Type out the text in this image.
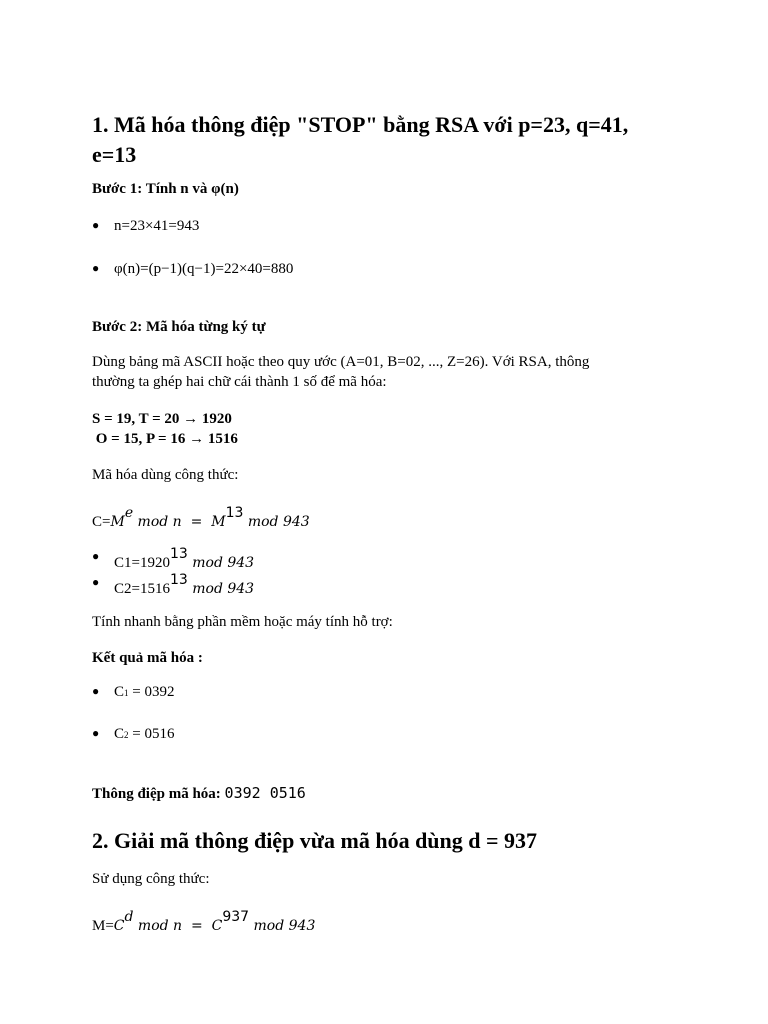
1. Mã hóa thông điệp "STOP" bằng RSA với p=23, q=41,
e=13
Bước 1: Tính n và φ(n)
● n=23×41=943
● φ(n)=(p−1)(q−1)=22×40=880
Bước 2: Mã hóa từng ký tự
Dùng bảng mã ASCII hoặc theo quy ước (A=01, B=02, ..., Z=26). Với RSA, thông
thường ta ghép hai chữ cái thành 1 số để mã hóa:
S = 19, T = 20 → 1920
O = 15, P = 16 → 1516
Mã hóa dùng công thức:
$C=M^e$ mod $n = M^{13}$ mod 943
● $C1=1920^{13}$ mod 943
● $C2=1516^{13}$ mod 943
Tính nhanh bằng phần mềm hoặc máy tính hỗ trợ:
Kết quả mã hóa :
● C1 = 0392
● C2 = 0516
Thông điệp mã hóa: 0392 0516
2. Giải mã thông điệp vừa mã hóa dùng d = 937
Sử dụng công thức:
$M=C^d$ mod $n = C^{937}$ mod 943
